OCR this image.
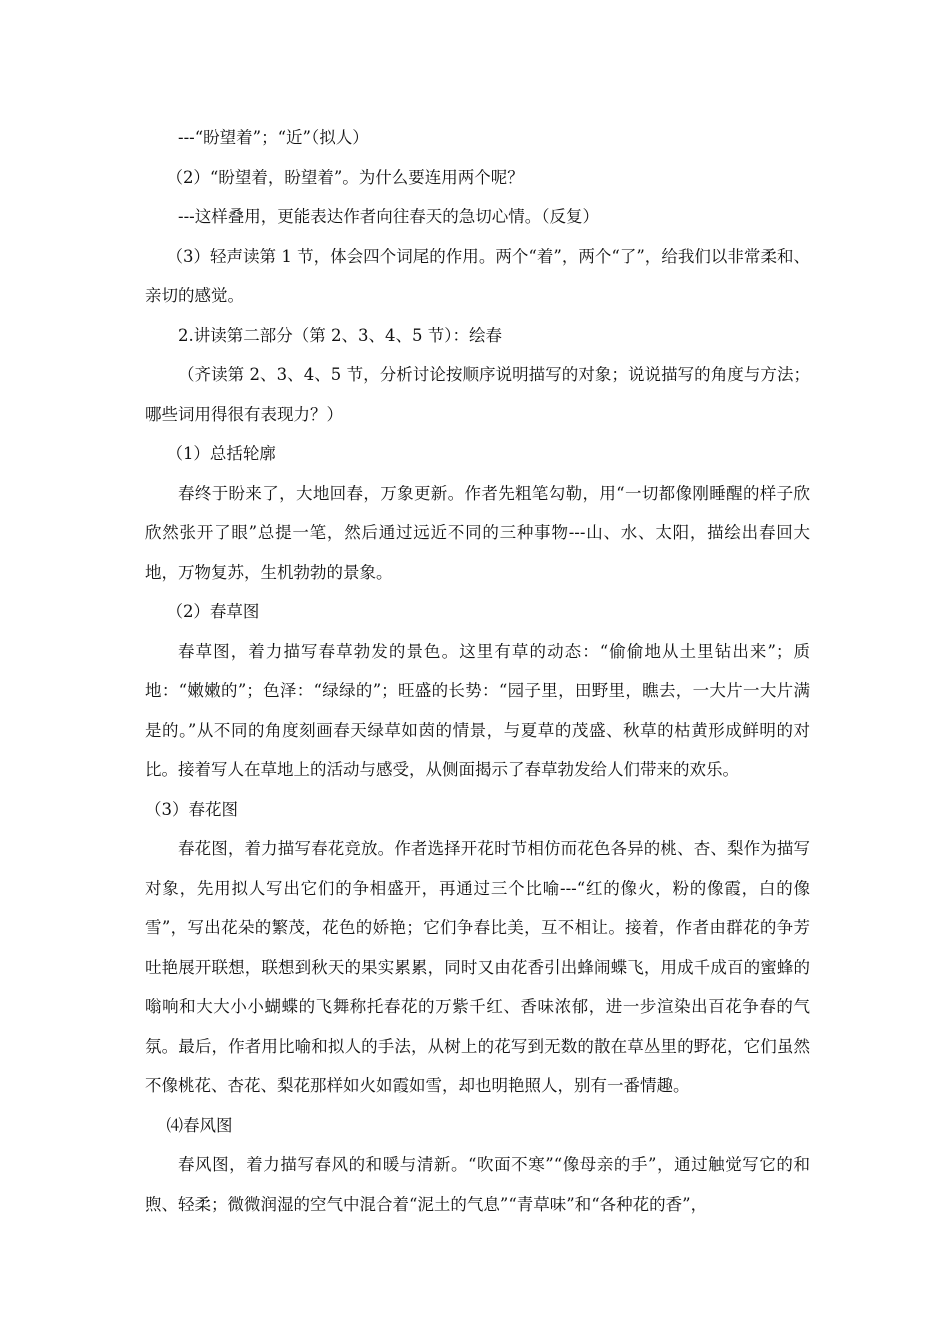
---“盼望着”；“近”（拟人）

（2）“盼望着，盼望着”。为什么要连用两个呢？

---这样叠用，更能表达作者向往春天的急切心情。（反复）

（3）轻声读第 1 节，体会四个词尾的作用。两个“着”，两个“了”，给我们以非常柔和、亲切的感觉。

2.讲读第二部分（第 2、3、4、5 节）：绘春

（齐读第 2、3、4、5 节，分析讨论按顺序说明描写的对象；说说描写的角度与方法；哪些词用得很有表现力？）

（1）总括轮廓

春终于盼来了，大地回春，万象更新。作者先粗笔勾勒，用“一切都像刚睡醒的样子欣欣然张开了眼”总提一笔，然后通过远近不同的三种事物---山、水、太阳，描绘出春回大地，万物复苏，生机勃勃的景象。

（2）春草图

春草图，着力描写春草勃发的景色。这里有草的动态：“偷偷地从土里钻出来”；质地：“嫩嫩的”；色泽：“绿绿的”；旺盛的长势：“园子里，田野里，瞧去，一大片一大片满是的。”从不同的角度刻画春天绿草如茵的情景，与夏草的茂盛、秋草的枯黄形成鲜明的对比。接着写人在草地上的活动与感受，从侧面揭示了春草勃发给人们带来的欢乐。

（3）春花图

春花图，着力描写春花竞放。作者选择开花时节相仿而花色各异的桃、杏、梨作为描写对象，先用拟人写出它们的争相盛开，再通过三个比喻---“红的像火，粉的像霞，白的像雪”，写出花朵的繁茂，花色的娇艳；它们争春比美，互不相让。接着，作者由群花的争芳吐艳展开联想，联想到秋天的果实累累，同时又由花香引出蜂闹蝶飞，用成千成百的蜜蜂的嗡响和大大小小蝴蝶的飞舞称托春花的万紫千红、香味浓郁，进一步渲染出百花争春的气氛。最后，作者用比喻和拟人的手法，从树上的花写到无数的散在草丛里的野花，它们虽然不像桃花、杏花、梨花那样如火如霞如雪，却也明艳照人，别有一番情趣。

⑷春风图

春风图，着力描写春风的和暖与清新。“吹面不寒”“像母亲的手”，通过触觉写它的和煦、轻柔；微微润湿的空气中混合着“泥土的气息”“青草味”和“各种花的香”，
